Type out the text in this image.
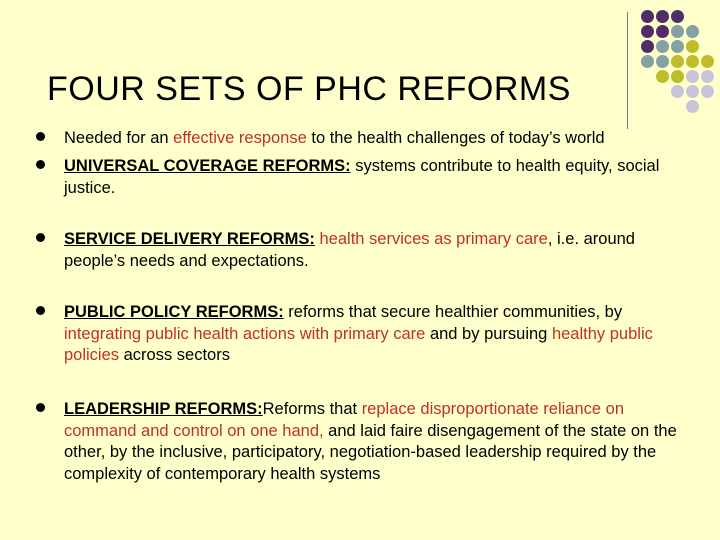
FOUR SETS OF PHC REFORMS
Needed for an effective response to the health challenges of today’s world
UNIVERSAL COVERAGE REFORMS: systems contribute to health equity, social justice.
SERVICE DELIVERY REFORMS: health services as primary care, i.e. around people’s needs and expectations.
PUBLIC POLICY REFORMS: reforms that secure healthier communities, by integrating public health actions with primary care and by pursuing healthy public policies across sectors
LEADERSHIP REFORMS:Reforms that replace disproportionate reliance on command and control on one hand, and laid faire disengagement of the state on the other, by the inclusive, participatory, negotiation-based leadership required by the complexity of contemporary health systems
